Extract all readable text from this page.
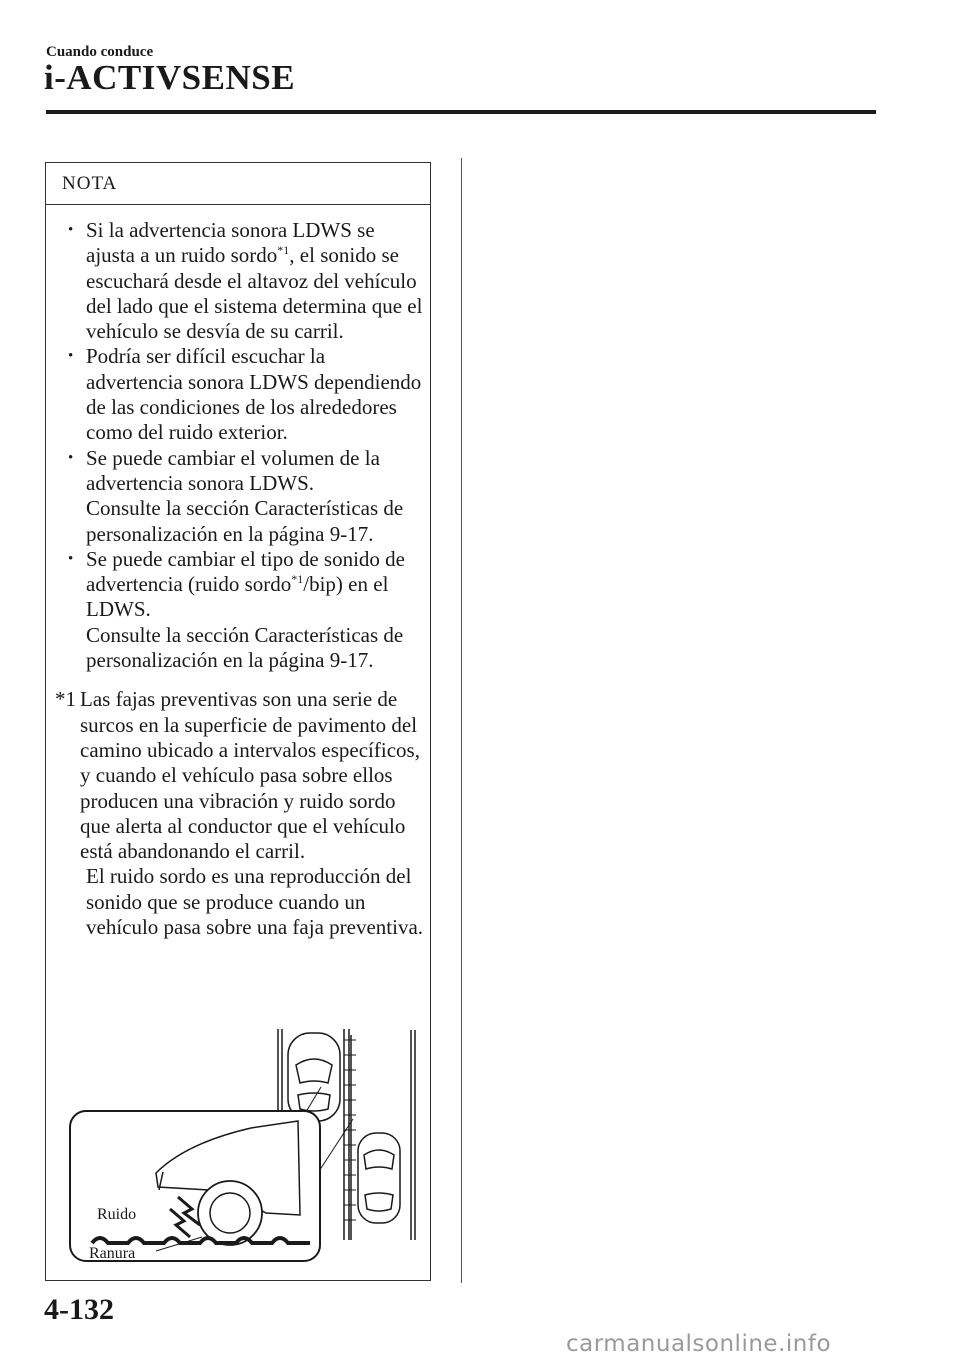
Cuando conduce
i-ACTIVSENSE
NOTA
• Si la advertencia sonora LDWS se ajusta a un ruido sordo$^{*1}$, el sonido se escuchará desde el altavoz del vehículo del lado que el sistema determina que el vehículo se desvía de su carril.
• Podría ser difícil escuchar la advertencia sonora LDWS dependiendo de las condiciones de los alrededores como del ruido exterior.
• Se puede cambiar el volumen de la advertencia sonora LDWS.
Consulte la sección Características de personalización en la página 9-17.
• Se puede cambiar el tipo de sonido de advertencia (ruido sordo$^{*1}$/bip) en el LDWS.
Consulte la sección Características de personalización en la página 9-17.
*1 Las fajas preventivas son una serie de surcos en la superficie de pavimento del camino ubicado a intervalos específicos, y cuando el vehículo pasa sobre ellos producen una vibración y ruido sordo que alerta al conductor que el vehículo está abandonando el carril.
El ruido sordo es una reproducción del sonido que se produce cuando un vehículo pasa sobre una faja preventiva.
Ruido
Ranura
4-132
carmanualsonline.info
